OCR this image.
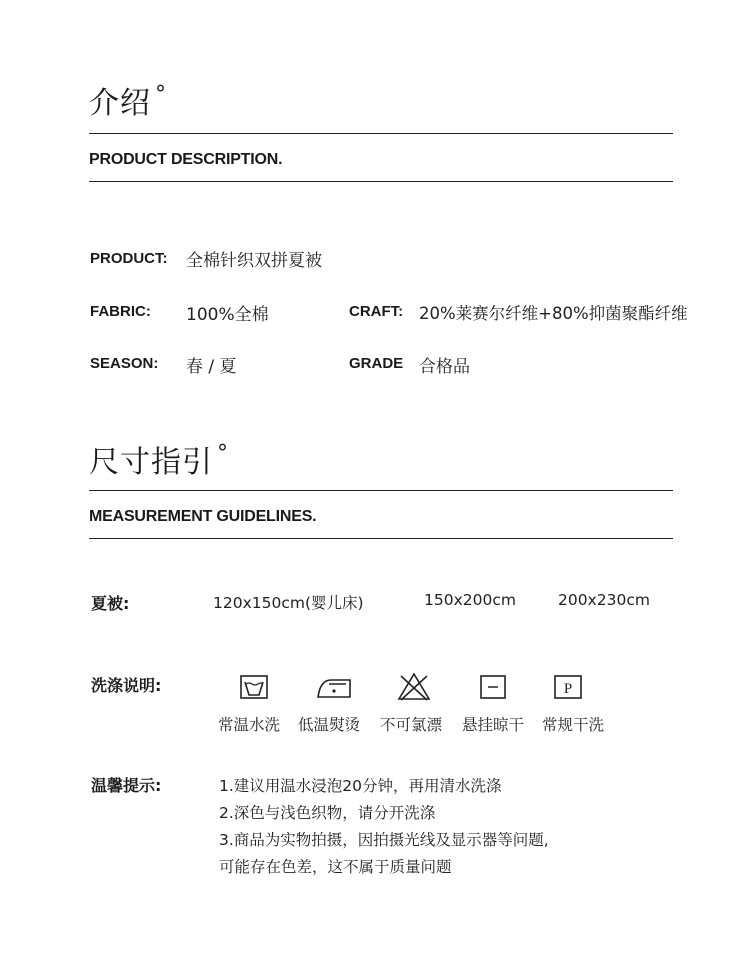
介绍 °
PRODUCT DESCRIPTION.
PRODUCT: 全棉针织双拼夏被
FABRIC: 100%全棉	CRAFT: 20%莱赛尔纤维+80%抑菌聚酯纤维
SEASON: 春 / 夏	GRADE 合格品
尺寸指引 °
MEASUREMENT GUIDELINES.
夏被:	120x150cm(婴儿床)	150x200cm	200x230cm
洗涤说明:	P
常温水洗 低温熨烫 不可氯漂 悬挂晾干 常规干洗
温馨提示:	1.建议用温水浸泡20分钟，再用清水洗涤
2.深色与浅色织物，请分开洗涤
3.商品为实物拍摄，因拍摄光线及显示器等问题,
可能存在色差，这不属于质量问题
